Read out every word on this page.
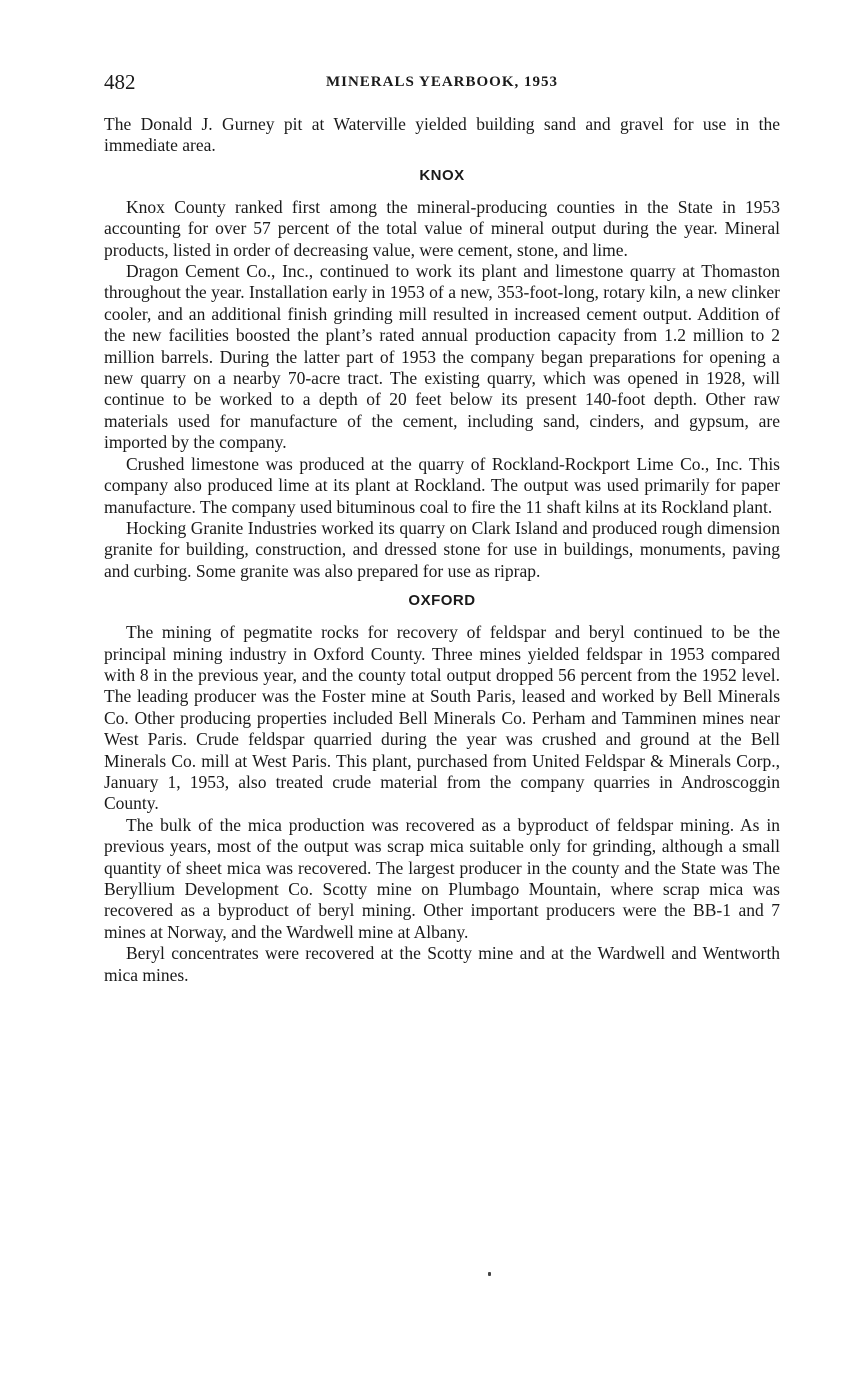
482	MINERALS YEARBOOK, 1953

The Donald J. Gurney pit at Waterville yielded building sand and gravel for use in the immediate area.

KNOX

Knox County ranked first among the mineral-producing counties in the State in 1953 accounting for over 57 percent of the total value of mineral output during the year. Mineral products, listed in order of decreasing value, were cement, stone, and lime.

Dragon Cement Co., Inc., continued to work its plant and limestone quarry at Thomaston throughout the year. Installation early in 1953 of a new, 353-foot-long, rotary kiln, a new clinker cooler, and an additional finish grinding mill resulted in increased cement output. Addition of the new facilities boosted the plant’s rated annual production capacity from 1.2 million to 2 million barrels. During the latter part of 1953 the company began preparations for opening a new quarry on a nearby 70-acre tract. The existing quarry, which was opened in 1928, will continue to be worked to a depth of 20 feet below its present 140-foot depth. Other raw materials used for manufacture of the cement, including sand, cinders, and gypsum, are imported by the company.

Crushed limestone was produced at the quarry of Rockland-Rockport Lime Co., Inc. This company also produced lime at its plant at Rockland. The output was used primarily for paper manufacture. The company used bituminous coal to fire the 11 shaft kilns at its Rockland plant.

Hocking Granite Industries worked its quarry on Clark Island and produced rough dimension granite for building, construction, and dressed stone for use in buildings, monuments, paving and curbing. Some granite was also prepared for use as riprap.

OXFORD

The mining of pegmatite rocks for recovery of feldspar and beryl continued to be the principal mining industry in Oxford County. Three mines yielded feldspar in 1953 compared with 8 in the previous year, and the county total output dropped 56 percent from the 1952 level. The leading producer was the Foster mine at South Paris, leased and worked by Bell Minerals Co. Other producing properties included Bell Minerals Co. Perham and Tamminen mines near West Paris. Crude feldspar quarried during the year was crushed and ground at the Bell Minerals Co. mill at West Paris. This plant, purchased from United Feldspar & Minerals Corp., January 1, 1953, also treated crude material from the company quarries in Androscoggin County.

The bulk of the mica production was recovered as a byproduct of feldspar mining. As in previous years, most of the output was scrap mica suitable only for grinding, although a small quantity of sheet mica was recovered. The largest producer in the county and the State was The Beryllium Development Co. Scotty mine on Plumbago Mountain, where scrap mica was recovered as a byproduct of beryl mining. Other important producers were the BB-1 and 7 mines at Norway, and the Wardwell mine at Albany.

Beryl concentrates were recovered at the Scotty mine and at the Wardwell and Wentworth mica mines.
